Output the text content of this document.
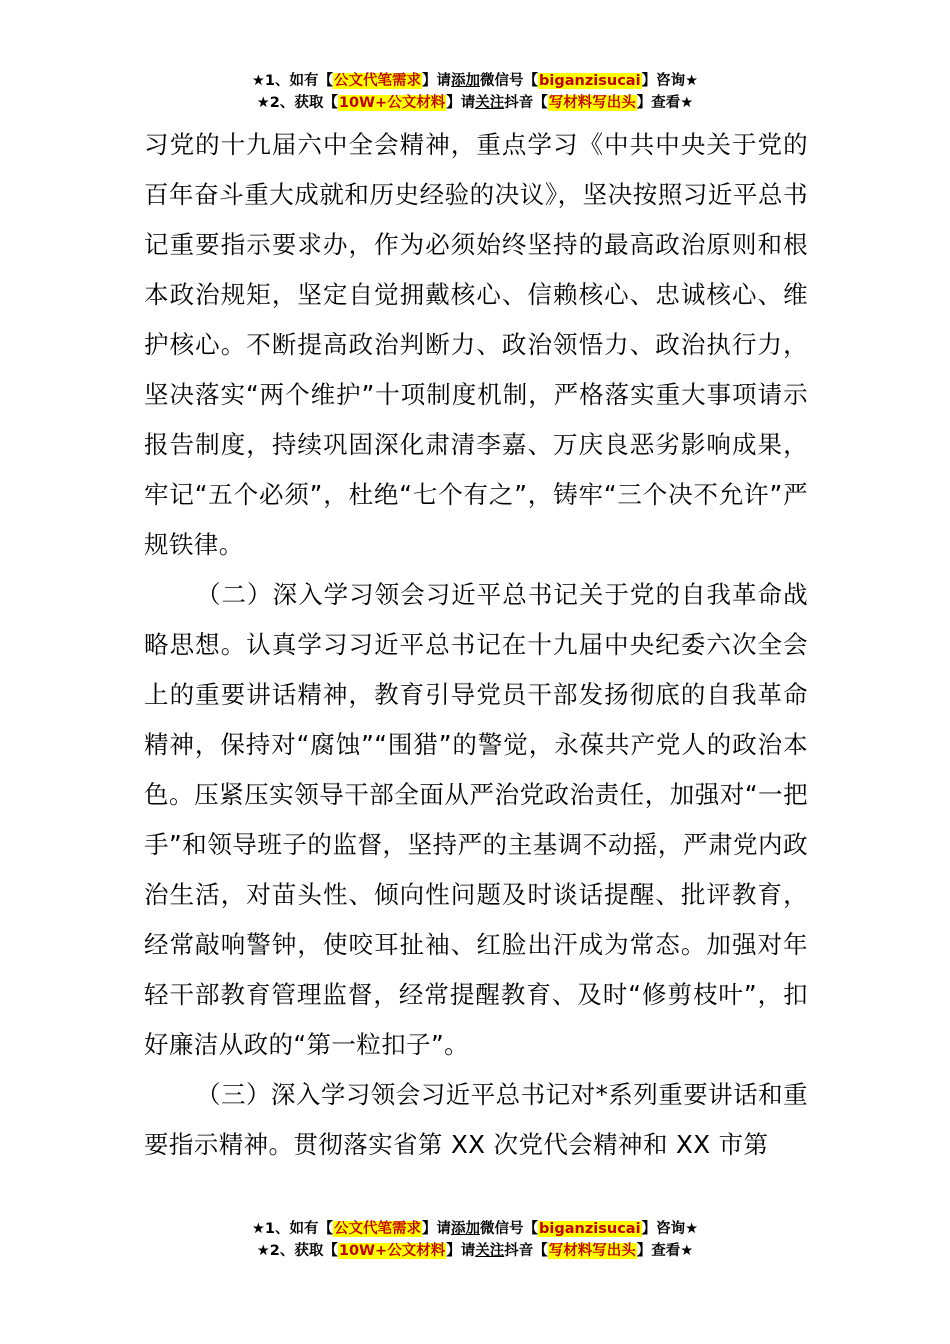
★1、如有【公文代笔需求】请添加微信号【biganzisucai】咨询★
★2、获取【10W+公文材料】请关注抖音【写材料写出头】查看★

习党的十九届六中全会精神，重点学习《中共中央关于党的百年奋斗重大成就和历史经验的决议》，坚决按照习近平总书记重要指示要求办，作为必须始终坚持的最高政治原则和根本政治规矩，坚定自觉拥戴核心、信赖核心、忠诚核心、维护核心。不断提高政治判断力、政治领悟力、政治执行力，坚决落实“两个维护”十项制度机制，严格落实重大事项请示报告制度，持续巩固深化肃清李嘉、万庆良恶劣影响成果，牢记“五个必须”，杜绝“七个有之”，铸牢“三个决不允许”严规铁律。

（二）深入学习领会习近平总书记关于党的自我革命战略思想。认真学习习近平总书记在十九届中央纪委六次全会上的重要讲话精神，教育引导党员干部发扬彻底的自我革命精神，保持对“腐蚀”“围猎”的警觉，永葆共产党人的政治本色。压紧压实领导干部全面从严治党政治责任，加强对“一把手”和领导班子的监督，坚持严的主基调不动摇，严肃党内政治生活，对苗头性、倾向性问题及时谈话提醒、批评教育，经常敲响警钟，使咬耳扯袖、红脸出汗成为常态。加强对年轻干部教育管理监督，经常提醒教育、及时“修剪枝叶”，扣好廉洁从政的“第一粒扣子”。

（三）深入学习领会习近平总书记对*系列重要讲话和重要指示精神。贯彻落实省第 XX 次党代会精神和 XX 市第

★1、如有【公文代笔需求】请添加微信号【biganzisucai】咨询★
★2、获取【10W+公文材料】请关注抖音【写材料写出头】查看★
